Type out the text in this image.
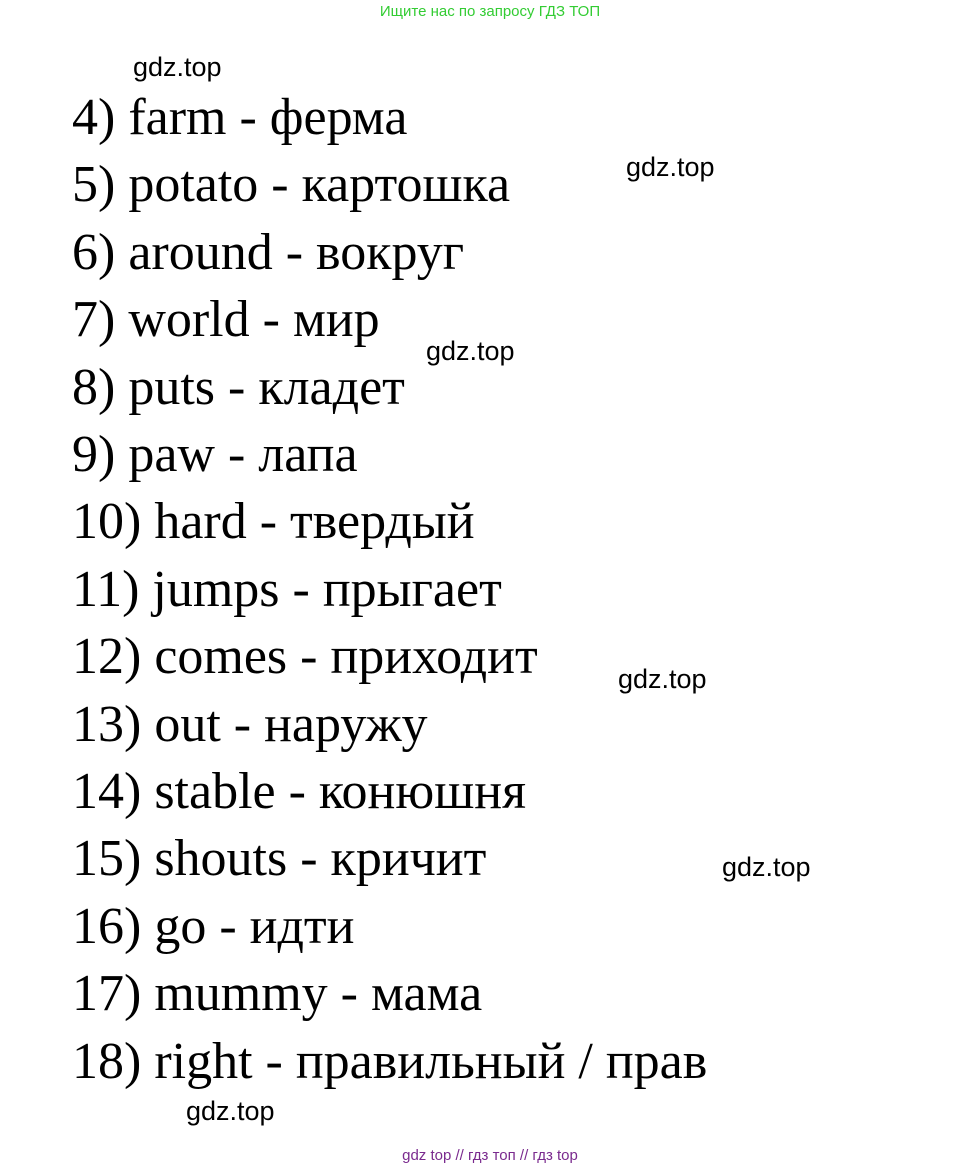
Ищите нас по запросу ГДЗ ТОП
4) farm - ферма
5) potato - картошка
6) around - вокруг
7) world - мир
8) puts - кладет
9) paw - лапа
10) hard - твердый
11) jumps - прыгает
12) comes - приходит
13) out - наружу
14) stable - конюшня
15) shouts - кричит
16) go - идти
17) mummy - мама
18) right - правильный / прав
gdz.top
gdz.top
gdz.top
gdz.top
gdz.top
gdz.top
gdz top // гдз топ // гдз top
